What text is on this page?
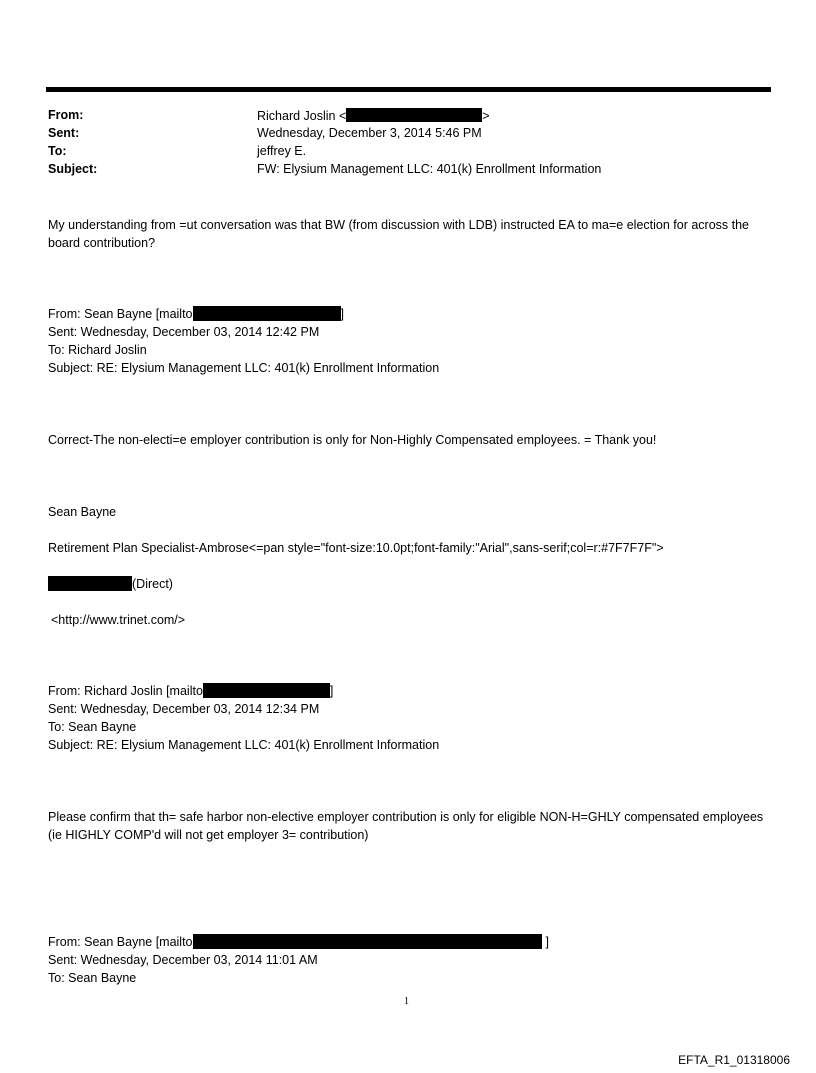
From:	Richard Joslin <	>
Sent:	Wednesday, December 3, 2014 5:46 PM
To:	jeffrey E.
Subject:	FW: Elysium Management LLC: 401(k) Enrollment Information
My understanding from =ut conversation was that BW (from discussion with LDB) instructed EA to ma=e election for across the board contribution?
From: Sean Bayne [mailto	]
Sent: Wednesday, December 03, 2014 12:42 PM
To: Richard Joslin
Subject: RE: Elysium Management LLC: 401(k) Enrollment Information
Correct-The non-electi=e employer contribution is only for Non-Highly Compensated employees. = Thank you!
Sean Bayne
Retirement Plan Specialist-Ambrose<=pan style="font-size:10.0pt;font-family:"Arial",sans-serif;col=r:#7F7F7F">
(Direct)
<http://www.trinet.com/>
From: Richard Joslin [mailto	]
Sent: Wednesday, December 03, 2014 12:34 PM
To: Sean Bayne
Subject: RE: Elysium Management LLC: 401(k) Enrollment Information
Please confirm that th= safe harbor non-elective employer contribution is only for eligible NON-H=GHLY compensated employees (ie HIGHLY COMP'd will not get employer 3= contribution)
From: Sean Bayne [mailto	]
Sent: Wednesday, December 03, 2014 11:01 AM
To: Sean Bayne
1
EFTA_R1_01318006
